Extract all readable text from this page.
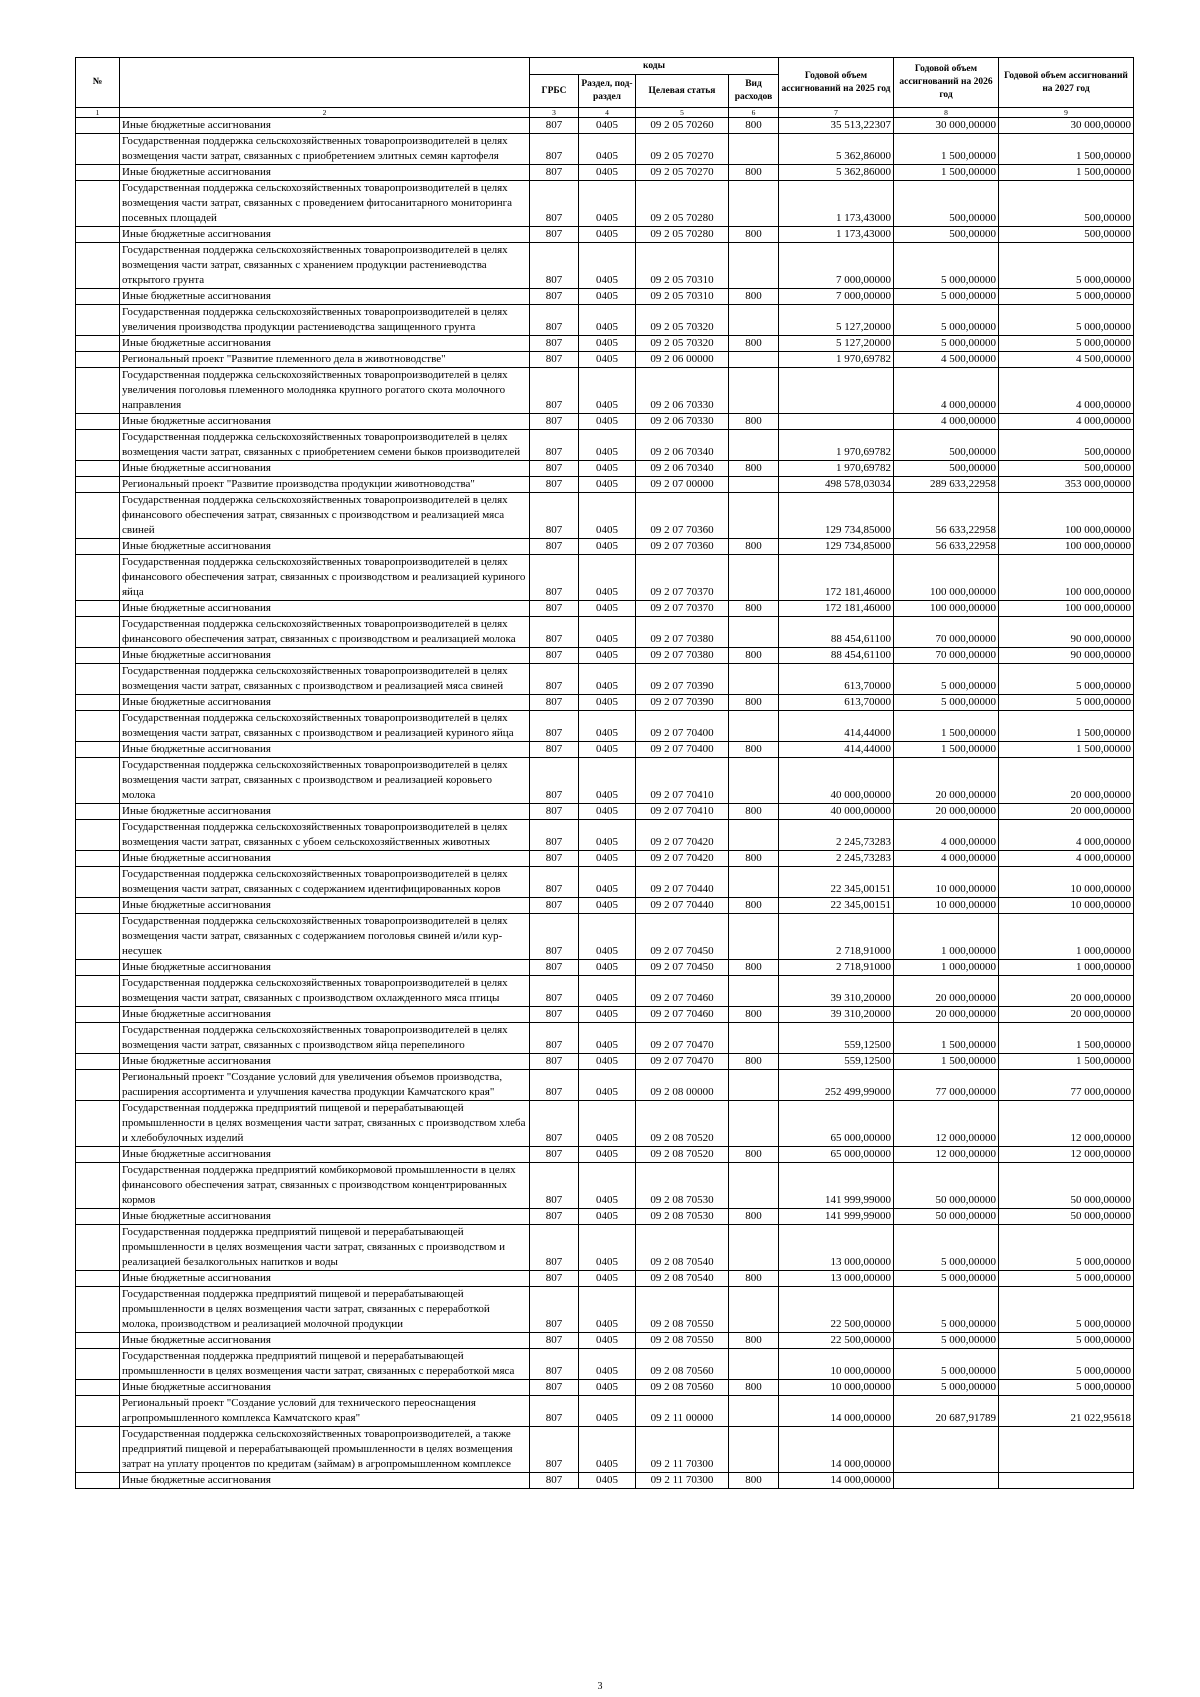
№		коды				Годовой объем ассигнований на 2025 год	Годовой объем ассигнований на 2026 год	Годовой объем ассигнований на 2027 год
		ГРБС	Раздел, под-раздел	Целевая статья	Вид расходов			
1	2	3	4	5	6	7	8	9
	Иные бюджетные ассигнования	807	0405	09 2 05 70260	800	35 513,22307	30 000,00000	30 000,00000
	Государственная поддержка сельскохозяйственных товаропроизводителей в целях возмещения части затрат, связанных с приобретением элитных семян картофеля	807	0405	09 2 05 70270		5 362,86000	1 500,00000	1 500,00000
	Иные бюджетные ассигнования	807	0405	09 2 05 70270	800	5 362,86000	1 500,00000	1 500,00000
	Государственная поддержка сельскохозяйственных товаропроизводителей в целях возмещения части затрат, связанных с проведением фитосанитарного мониторинга посевных площадей	807	0405	09 2 05 70280		1 173,43000	500,00000	500,00000
	Иные бюджетные ассигнования	807	0405	09 2 05 70280	800	1 173,43000	500,00000	500,00000
	Государственная поддержка сельскохозяйственных товаропроизводителей в целях возмещения части затрат, связанных с хранением продукции растениеводства открытого грунта	807	0405	09 2 05 70310		7 000,00000	5 000,00000	5 000,00000
	Иные бюджетные ассигнования	807	0405	09 2 05 70310	800	7 000,00000	5 000,00000	5 000,00000
	Государственная поддержка сельскохозяйственных товаропроизводителей в целях увеличения производства продукции растениеводства защищенного грунта	807	0405	09 2 05 70320		5 127,20000	5 000,00000	5 000,00000
	Иные бюджетные ассигнования	807	0405	09 2 05 70320	800	5 127,20000	5 000,00000	5 000,00000
	Региональный проект "Развитие племенного дела в животноводстве"	807	0405	09 2 06 00000		1 970,69782	4 500,00000	4 500,00000
	Государственная поддержка сельскохозяйственных товаропроизводителей в целях увеличения поголовья племенного молодняка крупного рогатого скота молочного направления	807	0405	09 2 06 70330			4 000,00000	4 000,00000
	Иные бюджетные ассигнования	807	0405	09 2 06 70330	800		4 000,00000	4 000,00000
	Государственная поддержка сельскохозяйственных товаропроизводителей в целях возмещения части затрат, связанных с приобретением семени быков производителей	807	0405	09 2 06 70340		1 970,69782	500,00000	500,00000
	Иные бюджетные ассигнования	807	0405	09 2 06 70340	800	1 970,69782	500,00000	500,00000
	Региональный проект "Развитие производства продукции животноводства"	807	0405	09 2 07 00000		498 578,03034	289 633,22958	353 000,00000
	Государственная поддержка сельскохозяйственных товаропроизводителей в целях финансового обеспечения затрат, связанных с производством и реализацией мяса свиней	807	0405	09 2 07 70360		129 734,85000	56 633,22958	100 000,00000
	Иные бюджетные ассигнования	807	0405	09 2 07 70360	800	129 734,85000	56 633,22958	100 000,00000
	Государственная поддержка сельскохозяйственных товаропроизводителей в целях финансового обеспечения затрат, связанных с производством и реализацией куриного яйца	807	0405	09 2 07 70370		172 181,46000	100 000,00000	100 000,00000
	Иные бюджетные ассигнования	807	0405	09 2 07 70370	800	172 181,46000	100 000,00000	100 000,00000
	Государственная поддержка сельскохозяйственных товаропроизводителей в целях финансового обеспечения затрат, связанных с производством и реализацией молока	807	0405	09 2 07 70380		88 454,61100	70 000,00000	90 000,00000
	Иные бюджетные ассигнования	807	0405	09 2 07 70380	800	88 454,61100	70 000,00000	90 000,00000
	Государственная поддержка сельскохозяйственных товаропроизводителей в целях возмещения части затрат, связанных с производством и реализацией мяса свиней	807	0405	09 2 07 70390		613,70000	5 000,00000	5 000,00000
	Иные бюджетные ассигнования	807	0405	09 2 07 70390	800	613,70000	5 000,00000	5 000,00000
	Государственная поддержка сельскохозяйственных товаропроизводителей в целях возмещения части затрат, связанных с производством и реализацией куриного яйца	807	0405	09 2 07 70400		414,44000	1 500,00000	1 500,00000
	Иные бюджетные ассигнования	807	0405	09 2 07 70400	800	414,44000	1 500,00000	1 500,00000
	Государственная поддержка сельскохозяйственных товаропроизводителей в целях возмещения части затрат, связанных с производством и реализацией коровьего молока	807	0405	09 2 07 70410		40 000,00000	20 000,00000	20 000,00000
	Иные бюджетные ассигнования	807	0405	09 2 07 70410	800	40 000,00000	20 000,00000	20 000,00000
	Государственная поддержка сельскохозяйственных товаропроизводителей в целях возмещения части затрат, связанных с убоем сельскохозяйственных животных	807	0405	09 2 07 70420		2 245,73283	4 000,00000	4 000,00000
	Иные бюджетные ассигнования	807	0405	09 2 07 70420	800	2 245,73283	4 000,00000	4 000,00000
	Государственная поддержка сельскохозяйственных товаропроизводителей в целях возмещения части затрат, связанных с содержанием идентифицированных коров	807	0405	09 2 07 70440		22 345,00151	10 000,00000	10 000,00000
	Иные бюджетные ассигнования	807	0405	09 2 07 70440	800	22 345,00151	10 000,00000	10 000,00000
	Государственная поддержка сельскохозяйственных товаропроизводителей в целях возмещения части затрат, связанных с содержанием поголовья свиней и/или кур-несушек	807	0405	09 2 07 70450		2 718,91000	1 000,00000	1 000,00000
	Иные бюджетные ассигнования	807	0405	09 2 07 70450	800	2 718,91000	1 000,00000	1 000,00000
	Государственная поддержка сельскохозяйственных товаропроизводителей в целях возмещения части затрат, связанных с производством охлажденного мяса птицы	807	0405	09 2 07 70460		39 310,20000	20 000,00000	20 000,00000
	Иные бюджетные ассигнования	807	0405	09 2 07 70460	800	39 310,20000	20 000,00000	20 000,00000
	Государственная поддержка сельскохозяйственных товаропроизводителей в целях возмещения части затрат, связанных с производством яйца перепелиного	807	0405	09 2 07 70470		559,12500	1 500,00000	1 500,00000
	Иные бюджетные ассигнования	807	0405	09 2 07 70470	800	559,12500	1 500,00000	1 500,00000
	Региональный проект "Создание условий для увеличения объемов производства, расширения ассортимента и улучшения качества продукции Камчатского края"	807	0405	09 2 08 00000		252 499,99000	77 000,00000	77 000,00000
	Государственная поддержка предприятий пищевой и перерабатывающей промышленности в целях возмещения части затрат, связанных с производством хлеба и хлебобулочных изделий	807	0405	09 2 08 70520		65 000,00000	12 000,00000	12 000,00000
	Иные бюджетные ассигнования	807	0405	09 2 08 70520	800	65 000,00000	12 000,00000	12 000,00000
	Государственная поддержка предприятий комбикормовой промышленности в целях финансового обеспечения затрат, связанных с производством концентрированных кормов	807	0405	09 2 08 70530		141 999,99000	50 000,00000	50 000,00000
	Иные бюджетные ассигнования	807	0405	09 2 08 70530	800	141 999,99000	50 000,00000	50 000,00000
	Государственная поддержка предприятий пищевой и перерабатывающей промышленности в целях возмещения части затрат, связанных с производством и реализацией безалкогольных напитков и воды	807	0405	09 2 08 70540		13 000,00000	5 000,00000	5 000,00000
	Иные бюджетные ассигнования	807	0405	09 2 08 70540	800	13 000,00000	5 000,00000	5 000,00000
	Государственная поддержка предприятий пищевой и перерабатывающей промышленности в целях возмещения части затрат, связанных с переработкой молока, производством и реализацией молочной продукции	807	0405	09 2 08 70550		22 500,00000	5 000,00000	5 000,00000
	Иные бюджетные ассигнования	807	0405	09 2 08 70550	800	22 500,00000	5 000,00000	5 000,00000
	Государственная поддержка предприятий пищевой и перерабатывающей промышленности в целях возмещения части затрат, связанных с переработкой мяса	807	0405	09 2 08 70560		10 000,00000	5 000,00000	5 000,00000
	Иные бюджетные ассигнования	807	0405	09 2 08 70560	800	10 000,00000	5 000,00000	5 000,00000
	Региональный проект "Создание условий для технического переоснащения агропромышленного комплекса Камчатского края"	807	0405	09 2 11 00000		14 000,00000	20 687,91789	21 022,95618
	Государственная поддержка сельскохозяйственных товаропроизводителей, а также предприятий пищевой и перерабатывающей промышленности в целях возмещения затрат на уплату процентов по кредитам (займам) в агропромышленном комплексе	807	0405	09 2 11 70300		14 000,00000		
	Иные бюджетные ассигнования	807	0405	09 2 11 70300	800	14 000,00000		
3
